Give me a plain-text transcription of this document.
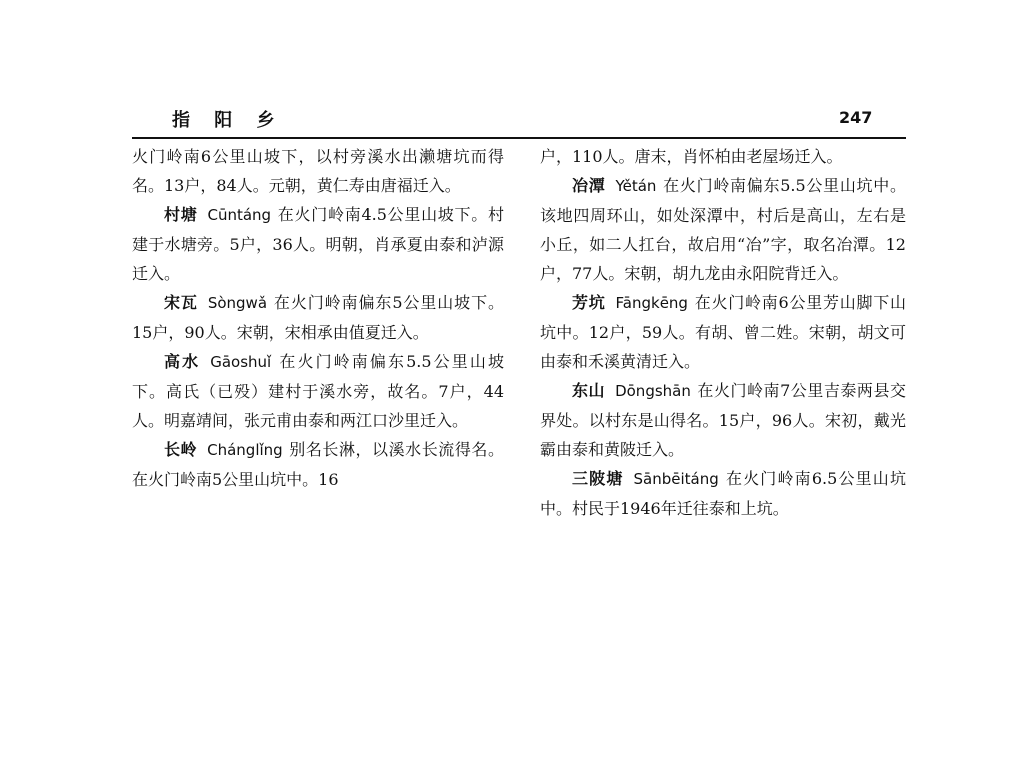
指 阳 乡	247

火门岭南6公里山坡下，以村旁溪水出濑塘坑而得名。13户，84人。元朝，黄仁寿由唐福迁入。

村塘 Cūntáng 在火门岭南4.5公里山坡下。村建于水塘旁。5户，36人。明朝，肖承夏由泰和泸源迁入。

宋瓦 Sòngwǎ 在火门岭南偏东5公里山坡下。15户，90人。宋朝，宋相承由值夏迁入。

高水 Gāoshuǐ 在火门岭南偏东5.5公里山坡下。高氏（已殁）建村于溪水旁，故名。7户，44人。明嘉靖间，张元甫由泰和两江口沙里迁入。

长岭 Chánglǐng 别名长淋，以溪水长流得名。在火门岭南5公里山坑中。16

户，110人。唐末，肖怀柏由老屋场迁入。

冶潭 Yětán 在火门岭南偏东5.5公里山坑中。该地四周环山，如处深潭中，村后是高山，左右是小丘，如二人扛台，故启用“冶”字，取名冶潭。12户，77人。宋朝，胡九龙由永阳院背迁入。

芳坑 Fāngkēng 在火门岭南6公里芳山脚下山坑中。12户，59人。有胡、曾二姓。宋朝，胡文可由泰和禾溪黄清迁入。

东山 Dōngshān 在火门岭南7公里吉泰两县交界处。以村东是山得名。15户，96人。宋初，戴光霸由泰和黄陂迁入。

三陂塘 Sānbēitáng 在火门岭南6.5公里山坑中。村民于1946年迁往泰和上坑。
